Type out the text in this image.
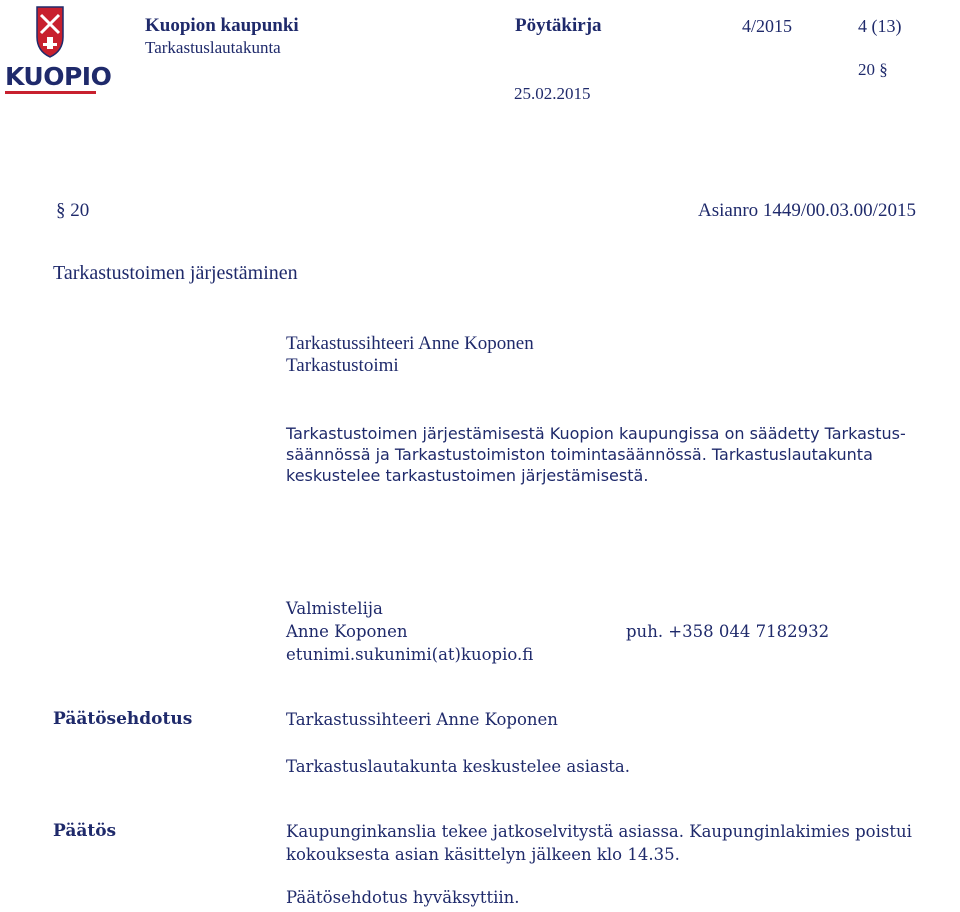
KUOPIO
Kuopion kaupunki
Tarkastuslautakunta
Pöytäkirja	4/2015	4 (13)
20 §
25.02.2015
§ 20	Asianro 1449/00.03.00/2015
Tarkastustoimen järjestäminen
Tarkastussihteeri Anne Koponen
Tarkastustoimi
Tarkastustoimen järjestämisestä Kuopion kaupungissa on säädetty Tarkastus-
säännössä ja Tarkastustoimiston toimintasäännössä. Tarkastuslautakunta
keskustelee tarkastustoimen järjestämisestä.
Valmistelija
Anne Koponen	puh. +358 044 7182932
etunimi.sukunimi(at)kuopio.fi
Päätösehdotus	Tarkastussihteeri Anne Koponen
Tarkastuslautakunta keskustelee asiasta.
Päätös	Kaupunginkanslia tekee jatkoselvitystä asiassa. Kaupunginlakimies poistui
kokouksesta asian käsittelyn jälkeen klo 14.35.
Päätösehdotus hyväksyttiin.
